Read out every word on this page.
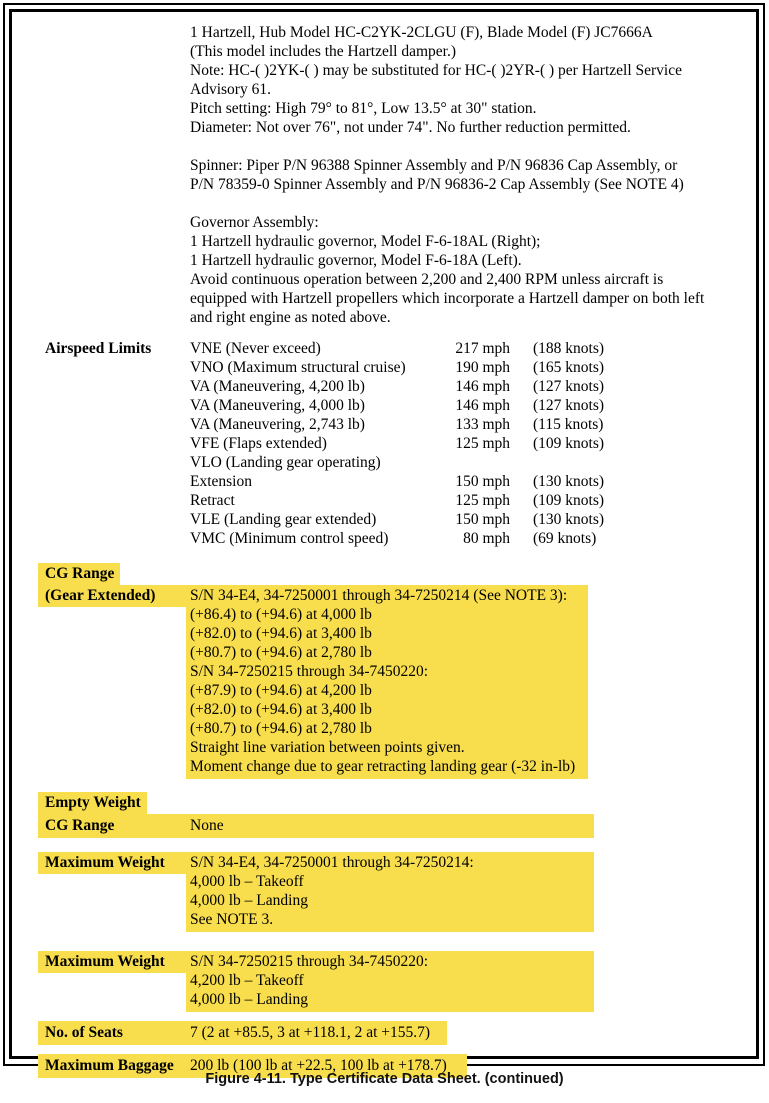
1 Hartzell, Hub Model HC-C2YK-2CLGU (F), Blade Model (F) JC7666A
(This model includes the Hartzell damper.)
Note: HC-( )2YK-( ) may be substituted for HC-( )2YR-( ) per Hartzell Service
Advisory 61.
Pitch setting: High 79° to 81°, Low 13.5° at 30" station.
Diameter: Not over 76", not under 74". No further reduction permitted.
Spinner: Piper P/N 96388 Spinner Assembly and P/N 96836 Cap Assembly, or
P/N 78359-0 Spinner Assembly and P/N 96836-2 Cap Assembly (See NOTE 4)
Governor Assembly:
1 Hartzell hydraulic governor, Model F-6-18AL (Right);
1 Hartzell hydraulic governor, Model F-6-18A (Left).
Avoid continuous operation between 2,200 and 2,400 RPM unless aircraft is
equipped with Hartzell propellers which incorporate a Hartzell damper on both left
and right engine as noted above.
Airspeed Limits	VNE (Never exceed)	217 mph (188 knots)
VNO (Maximum structural cruise)	190 mph (165 knots)
VA (Maneuvering, 4,200 lb)	146 mph (127 knots)
VA (Maneuvering, 4,000 lb)	146 mph (127 knots)
VA (Maneuvering, 2,743 lb)	133 mph (115 knots)
VFE (Flaps extended)	125 mph (109 knots)
VLO (Landing gear operating)
Extension	150 mph (130 knots)
Retract	125 mph (109 knots)
VLE (Landing gear extended)	150 mph (130 knots)
VMC (Minimum control speed)	80 mph (69 knots)
CG Range
(Gear Extended)	S/N 34-E4, 34-7250001 through 34-7250214 (See NOTE 3):
(+86.4) to (+94.6) at 4,000 lb
(+82.0) to (+94.6) at 3,400 lb
(+80.7) to (+94.6) at 2,780 lb
S/N 34-7250215 through 34-7450220:
(+87.9) to (+94.6) at 4,200 lb
(+82.0) to (+94.6) at 3,400 lb
(+80.7) to (+94.6) at 2,780 lb
Straight line variation between points given.
Moment change due to gear retracting landing gear (-32 in-lb)
Empty Weight
CG Range	None
Maximum Weight	S/N 34-E4, 34-7250001 through 34-7250214:
4,000 lb – Takeoff
4,000 lb – Landing
See NOTE 3.
Maximum Weight	S/N 34-7250215 through 34-7450220:
4,200 lb – Takeoff
4,000 lb – Landing
No. of Seats	7 (2 at +85.5, 3 at +118.1, 2 at +155.7)
Maximum Baggage	200 lb (100 lb at +22.5, 100 lb at +178.7)
Figure 4-11. Type Certificate Data Sheet. (continued)
